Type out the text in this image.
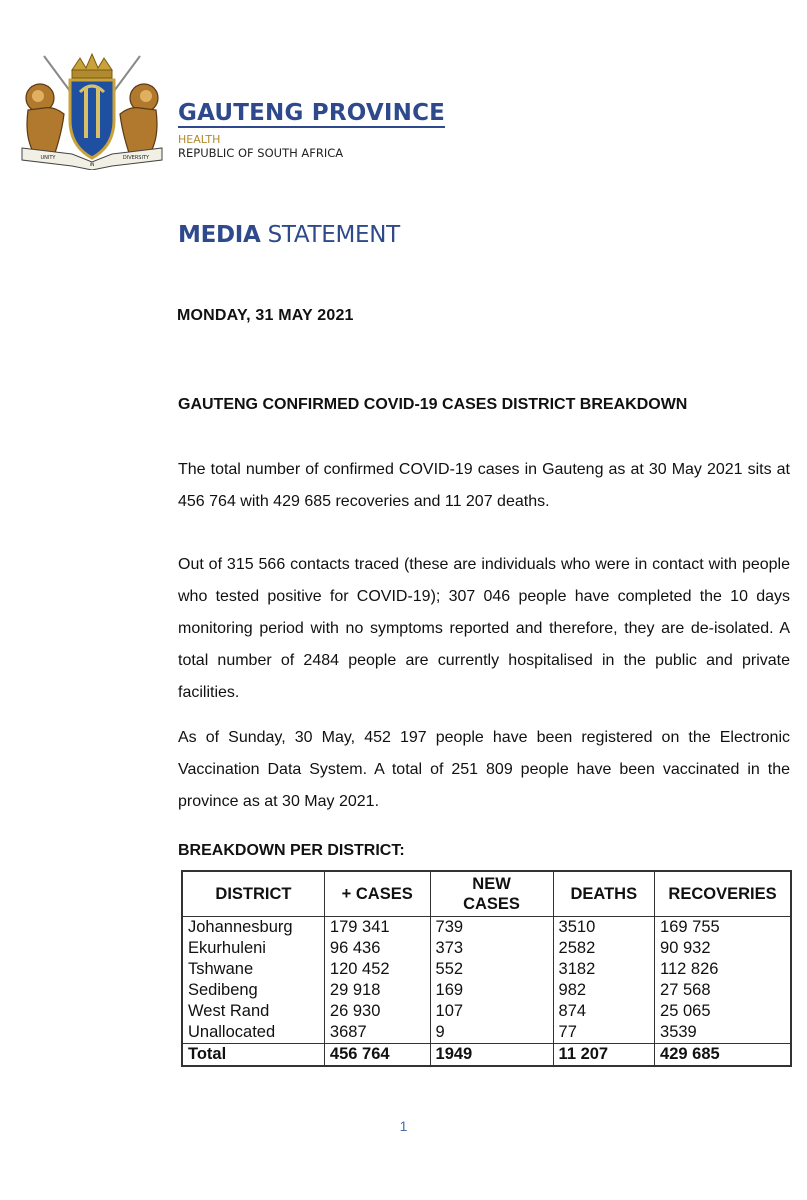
UNITY
IN
DIVERSITY
GAUTENG PROVINCE
HEALTH
REPUBLIC OF SOUTH AFRICA
MEDIA STATEMENT
MONDAY, 31 MAY 2021
GAUTENG CONFIRMED COVID-19 CASES DISTRICT BREAKDOWN

The total number of confirmed COVID-19 cases in Gauteng as at 30 May 2021 sits at 456 764 with 429 685 recoveries and 11 207 deaths.

Out of 315 566 contacts traced (these are individuals who were in contact with people who tested positive for COVID-19); 307 046 people have completed the 10 days monitoring period with no symptoms reported and therefore, they are de-isolated. A total number of 2484 people are currently hospitalised in the public and private facilities.

As of Sunday, 30 May, 452 197 people have been registered on the Electronic Vaccination Data System. A total of 251 809 people have been vaccinated in the province as at 30 May 2021.

BREAKDOWN PER DISTRICT:
DISTRICT	+ CASES	NEW CASES	DEATHS	RECOVERIES
Johannesburg	179 341	739	3510	169 755
Ekurhuleni	96 436	373	2582	90 932
Tshwane	120 452	552	3182	112 826
Sedibeng	29 918	169	982	27 568
West Rand	26 930	107	874	25 065
Unallocated	3687	9	77	3539
Total	456 764	1949	11 207	429 685
1
